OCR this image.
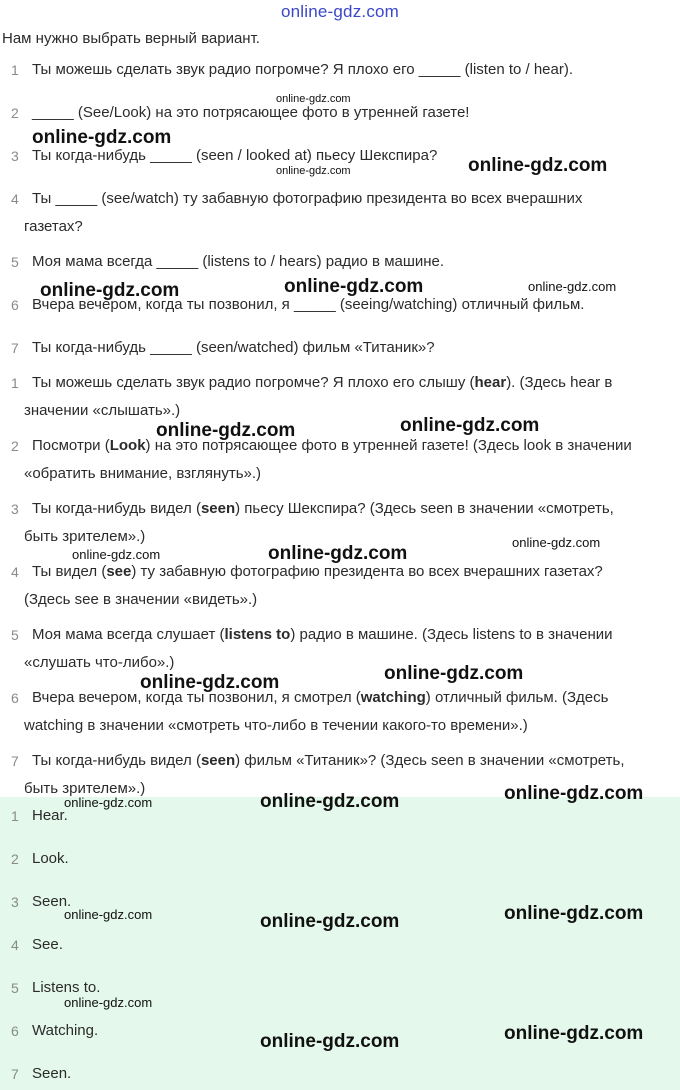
online-gdz.com
Нам нужно выбрать верный вариант.
1 Ты можешь сделать звук радио погромче? Я плохо его _____ (listen to / hear).
2 _____ (See/Look) на это потрясающее фото в утренней газете!
3 Ты когда-нибудь _____ (seen / looked at) пьесу Шекспира?
4 Ты _____ (see/watch) ту забавную фотографию президента во всех вчерашних
газетах?
5 Моя мама всегда _____ (listens to / hears) радио в машине.
6 Вчера вечером, когда ты позвонил, я _____ (seeing/watching) отличный фильм.
7 Ты когда-нибудь _____ (seen/watched) фильм «Титаник»?
1 Ты можешь сделать звук радио погромче? Я плохо его слышу (hear). (Здесь hear в
значении «слышать».)
2 Посмотри (Look) на это потрясающее фото в утренней газете! (Здесь look в значении
«обратить внимание, взглянуть».)
3 Ты когда-нибудь видел (seen) пьесу Шекспира? (Здесь seen в значении «смотреть,
быть зрителем».)
4 Ты видел (see) ту забавную фотографию президента во всех вчерашних газетах?
(Здесь see в значении «видеть».)
5 Моя мама всегда слушает (listens to) радио в машине. (Здесь listens to в значении
«слушать что-либо».)
6 Вчера вечером, когда ты позвонил, я смотрел (watching) отличный фильм. (Здесь
watching в значении «смотреть что-либо в течении какого-то времени».)
7 Ты когда-нибудь видел (seen) фильм «Титаник»? (Здесь seen в значении «смотреть,
быть зрителем».)
1 Hear.
2 Look.
3 Seen.
4 See.
5 Listens to.
6 Watching.
7 Seen.
online-gdz.com
online-gdz.com
online-gdz.com
online-gdz.com
online-gdz.com	online-gdz.com	online-gdz.com
online-gdz.com	online-gdz.com
online-gdz.com
online-gdz.com	online-gdz.com
online-gdz.com
online-gdz.com
online-gdz.com
online-gdz.com
online-gdz.com
online-gdz.com
online-gdz.com	online-gdz.com
online-gdz.com
online-gdz.com
online-gdz.com
